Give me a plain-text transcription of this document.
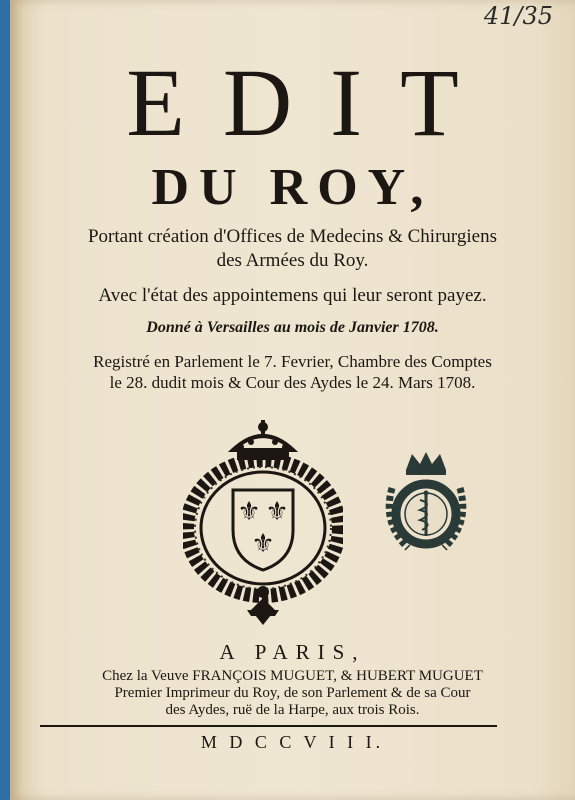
41/35
EDIT
DU ROY,
Portant création d'Offices de Medecins & Chirurgiens
des Armées du Roy.
Avec l'état des appointemens qui leur seront payez.
Donné à Versailles au mois de Janvier 1708.
Registré en Parlement le 7. Fevrier, Chambre des Comptes
le 28. dudit mois & Cour des Aydes le 24. Mars 1708.
⚜ ⚜
⚜
A PARIS,
Chez la Veuve FRANÇOIS MUGUET, & HUBERT MUGUET
Premier Imprimeur du Roy, de son Parlement & de sa Cour
des Aydes, ruë de la Harpe, aux trois Rois.
M D C C V I I I.
